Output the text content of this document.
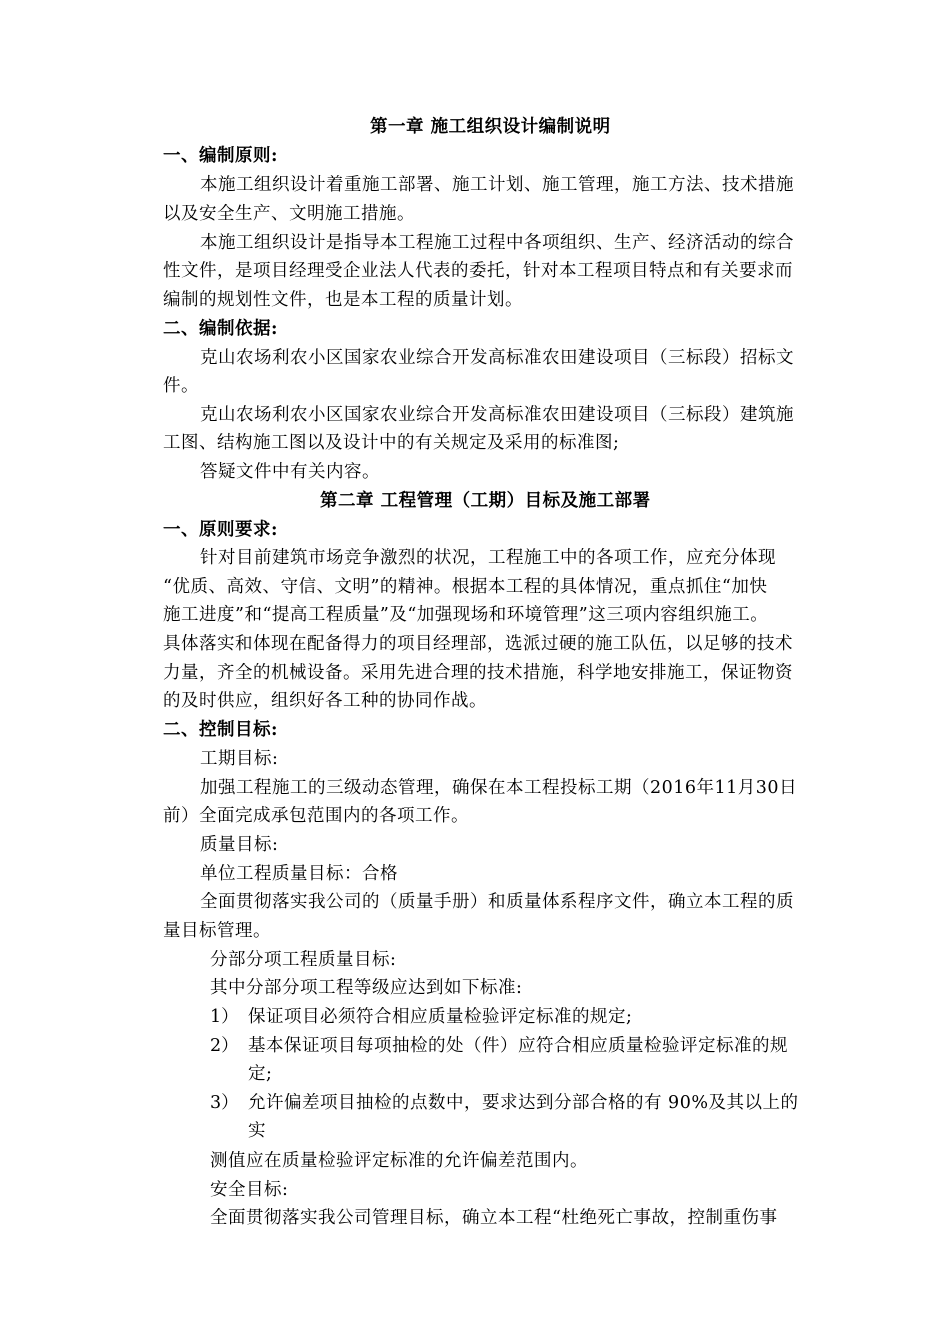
第一章 施工组织设计编制说明
一、编制原则:
本施工组织设计着重施工部署、施工计划、施工管理，施工方法、技术措施
以及安全生产、文明施工措施。
本施工组织设计是指导本工程施工过程中各项组织、生产、经济活动的综合
性文件，是项目经理受企业法人代表的委托，针对本工程项目特点和有关要求而
编制的规划性文件，也是本工程的质量计划。
二、编制依据:
克山农场利农小区国家农业综合开发高标准农田建设项目（三标段）招标文
件。
克山农场利农小区国家农业综合开发高标准农田建设项目（三标段）建筑施
工图、结构施工图以及设计中的有关规定及采用的标准图;
答疑文件中有关内容。
第二章 工程管理（工期）目标及施工部署
一、原则要求:
针对目前建筑市场竞争激烈的状况，工程施工中的各项工作，应充分体现
“优质、高效、守信、文明”的精神。根据本工程的具体情况，重点抓住“加快
施工进度”和“提高工程质量”及“加强现场和环境管理”这三项内容组织施工。
具体落实和体现在配备得力的项目经理部，选派过硬的施工队伍，以足够的技术
力量，齐全的机械设备。采用先进合理的技术措施，科学地安排施工，保证物资
的及时供应，组织好各工种的协同作战。
二、控制目标:
工期目标:
加强工程施工的三级动态管理，确保在本工程投标工期（2016年11月30日
前）全面完成承包范围内的各项工作。
质量目标:
单位工程质量目标：合格
全面贯彻落实我公司的（质量手册）和质量体系程序文件，确立本工程的质
量目标管理。
分部分项工程质量目标:
其中分部分项工程等级应达到如下标准:
1） 保证项目必须符合相应质量检验评定标准的规定;
2） 基本保证项目每项抽检的处（件）应符合相应质量检验评定标准的规
定;
3） 允许偏差项目抽检的点数中，要求达到分部合格的有 90%及其以上的
实
测值应在质量检验评定标准的允许偏差范围内。
安全目标:
全面贯彻落实我公司管理目标，确立本工程“杜绝死亡事故，控制重伤事
